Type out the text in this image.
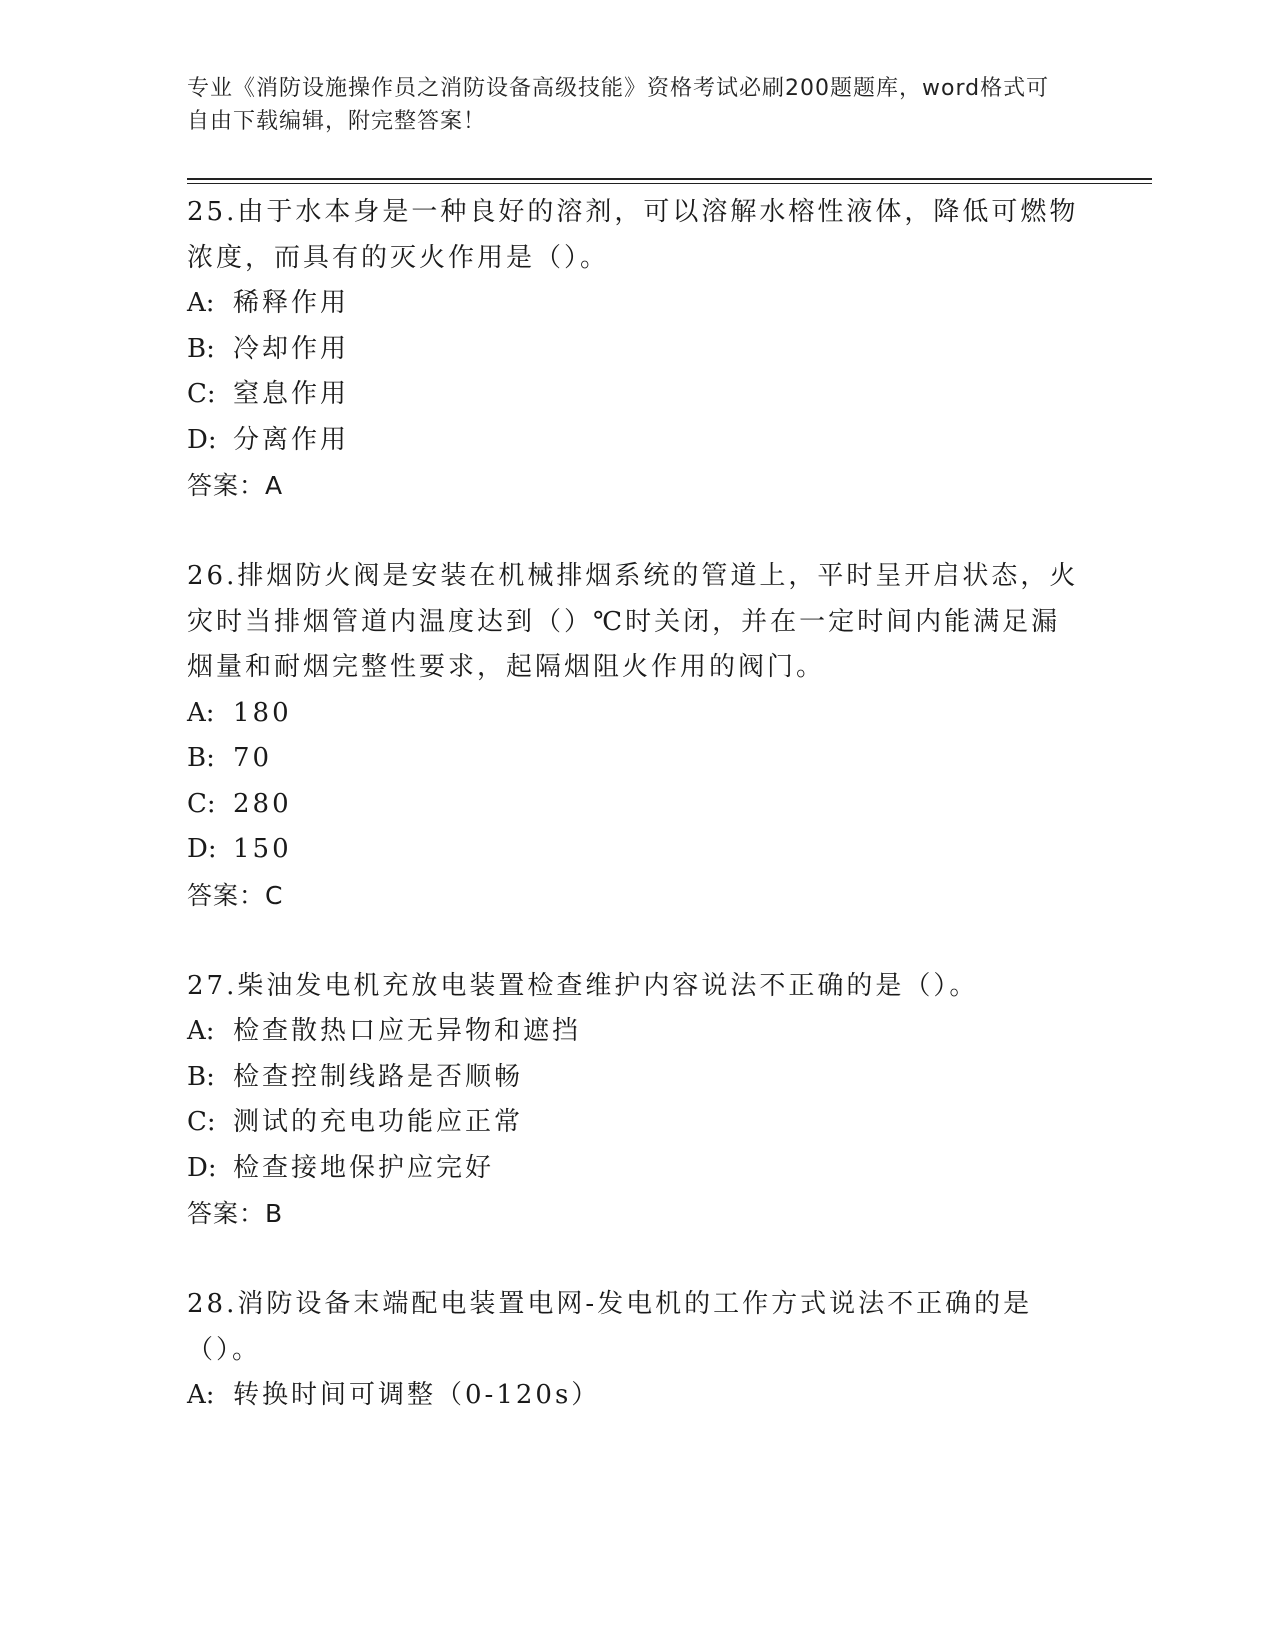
专业《消防设施操作员之消防设备高级技能》资格考试必刷200题题库，word格式可自由下载编辑，附完整答案！

25.由于水本身是一种良好的溶剂，可以溶解水榕性液体，降低可燃物浓度，而具有的灭火作用是（）。

A: 稀释作用

B: 冷却作用

C: 窒息作用

D: 分离作用

答案：A

26.排烟防火阀是安装在机械排烟系统的管道上，平时呈开启状态，火灾时当排烟管道内温度达到（）℃时关闭，并在一定时间内能满足漏烟量和耐烟完整性要求，起隔烟阻火作用的阀门。

A: 180

B: 70

C: 280

D: 150

答案：C

27.柴油发电机充放电装置检查维护内容说法不正确的是（）。

A: 检查散热口应无异物和遮挡

B: 检查控制线路是否顺畅

C: 测试的充电功能应正常

D: 检查接地保护应完好

答案：B

28.消防设备末端配电装置电网-发电机的工作方式说法不正确的是（）。

A: 转换时间可调整（0-120s）
